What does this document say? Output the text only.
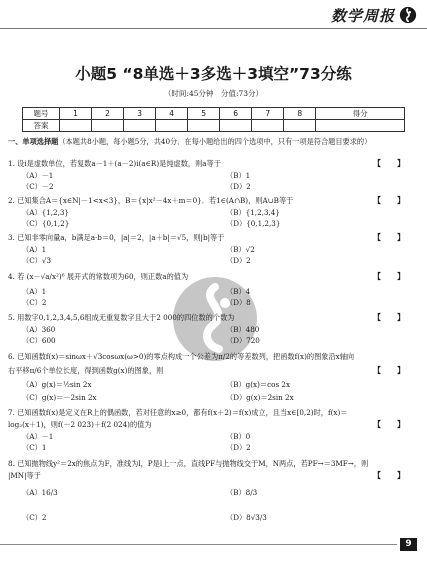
数学周报
小题5 “8单选＋3多选＋3填空”73分练
（时间:45分钟　分值:73分）
题号	1	2	3	4	5	6	7	8	得分
答案									
一、单项选择题（本题共8小题，每小题5分，共40分．在每小题给出的四个选项中，只有一项是符合题目要求的）
1. 设i是虚数单位，若复数a－1＋(a－2)i(a∈R)是纯虚数，则a等于	【　　】
（A）－1	（B）1
（C）－2	（D）2
2. 已知集合A＝{x∈N|－1<x<3}，B＝{x|x²－4x＋m＝0}．若1∈(A∩B)，则A∪B等于	【　　】
（A）{1,2,3}	（B）{1,2,3,4}
（C）{0,1,2}	（D）{0,1,2,3}
3. 已知非零向量a，b满足a·b＝0，|a|＝2，|a＋b|＝√5，则|b|等于	【　　】
（A）1	（B）√2
（C）√3	（D）2
4. 若 (x－√a/x²)⁶ 展开式的常数项为60，则正数a的值为	【　　】
（A）1	（B）4
（C）2	（D）8
5. 用数字0,1,2,3,4,5,6组成无重复数字且大于2 000的四位数的个数为	【　　】
（A）360	（B）480
（C）600	（D）720
6. 已知函数f(x)＝sinωx＋√3cosωx(ω>0)的零点构成一个公差为π/2的等差数列，把函数f(x)的图象沿x轴向
右平移π/6个单位长度，得到函数g(x)的图象，则	【　　】
（A）g(x)＝½sin 2x	（B）g(x)＝cos 2x
（C）g(x)＝－2sin 2x	（D）g(x)＝2sin 2x
7. 已知函数f(x)是定义在R上的偶函数，若对任意的x≥0，都有f(x＋2)＝f(x)成立，且当x∈[0,2)时，f(x)＝
log₂(x＋1)，则f(－2 023)＋f(2 024)的值为	【　　】
（A）－1	（B）0
（C）1	（D）2
8. 已知抛物线y²＝2x的焦点为F，准线为l，P是l上一点，直线PF与抛物线交于M，N两点，若PF→＝3MF→，则
|MN|等于	【　　】
（A）16/3	（B）8/3
（C）2	（D）8√3/3
9
